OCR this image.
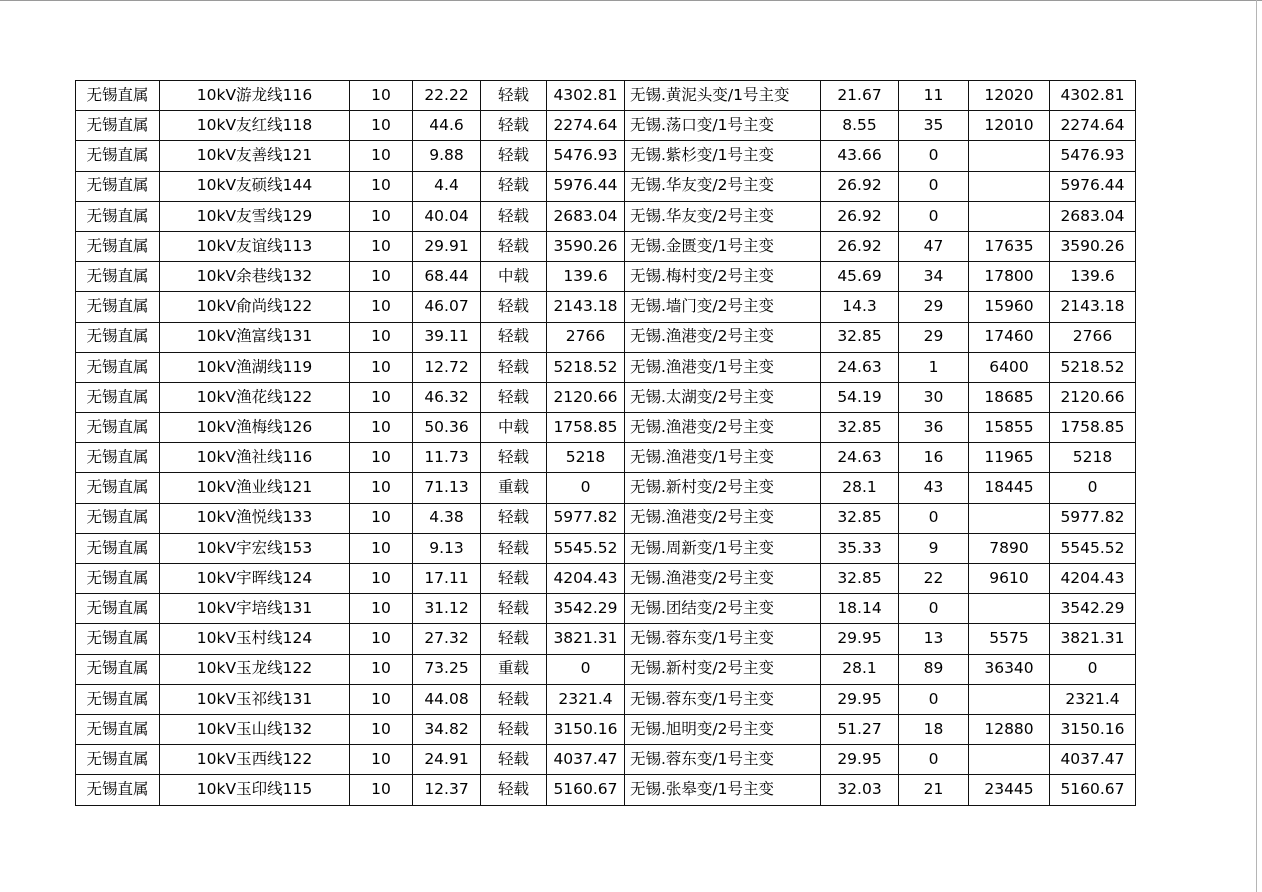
无锡直属	10kV游龙线116	10	22.22	轻载	4302.81	无锡.黄泥头变/1号主变	21.67	11	12020	4302.81
无锡直属	10kV友红线118	10	44.6	轻载	2274.64	无锡.荡口变/1号主变	8.55	35	12010	2274.64
无锡直属	10kV友善线121	10	9.88	轻载	5476.93	无锡.紫杉变/1号主变	43.66	0		5476.93
无锡直属	10kV友硕线144	10	4.4	轻载	5976.44	无锡.华友变/2号主变	26.92	0		5976.44
无锡直属	10kV友雪线129	10	40.04	轻载	2683.04	无锡.华友变/2号主变	26.92	0		2683.04
无锡直属	10kV友谊线113	10	29.91	轻载	3590.26	无锡.金匮变/1号主变	26.92	47	17635	3590.26
无锡直属	10kV余巷线132	10	68.44	中载	139.6	无锡.梅村变/2号主变	45.69	34	17800	139.6
无锡直属	10kV俞尚线122	10	46.07	轻载	2143.18	无锡.墙门变/2号主变	14.3	29	15960	2143.18
无锡直属	10kV渔富线131	10	39.11	轻载	2766	无锡.渔港变/2号主变	32.85	29	17460	2766
无锡直属	10kV渔湖线119	10	12.72	轻载	5218.52	无锡.渔港变/1号主变	24.63	1	6400	5218.52
无锡直属	10kV渔花线122	10	46.32	轻载	2120.66	无锡.太湖变/2号主变	54.19	30	18685	2120.66
无锡直属	10kV渔梅线126	10	50.36	中载	1758.85	无锡.渔港变/2号主变	32.85	36	15855	1758.85
无锡直属	10kV渔社线116	10	11.73	轻载	5218	无锡.渔港变/1号主变	24.63	16	11965	5218
无锡直属	10kV渔业线121	10	71.13	重载	0	无锡.新村变/2号主变	28.1	43	18445	0
无锡直属	10kV渔悦线133	10	4.38	轻载	5977.82	无锡.渔港变/2号主变	32.85	0		5977.82
无锡直属	10kV宇宏线153	10	9.13	轻载	5545.52	无锡.周新变/1号主变	35.33	9	7890	5545.52
无锡直属	10kV宇晖线124	10	17.11	轻载	4204.43	无锡.渔港变/2号主变	32.85	22	9610	4204.43
无锡直属	10kV宇培线131	10	31.12	轻载	3542.29	无锡.团结变/2号主变	18.14	0		3542.29
无锡直属	10kV玉村线124	10	27.32	轻载	3821.31	无锡.蓉东变/1号主变	29.95	13	5575	3821.31
无锡直属	10kV玉龙线122	10	73.25	重载	0	无锡.新村变/2号主变	28.1	89	36340	0
无锡直属	10kV玉祁线131	10	44.08	轻载	2321.4	无锡.蓉东变/1号主变	29.95	0		2321.4
无锡直属	10kV玉山线132	10	34.82	轻载	3150.16	无锡.旭明变/2号主变	51.27	18	12880	3150.16
无锡直属	10kV玉西线122	10	24.91	轻载	4037.47	无锡.蓉东变/1号主变	29.95	0		4037.47
无锡直属	10kV玉印线115	10	12.37	轻载	5160.67	无锡.张皋变/1号主变	32.03	21	23445	5160.67
